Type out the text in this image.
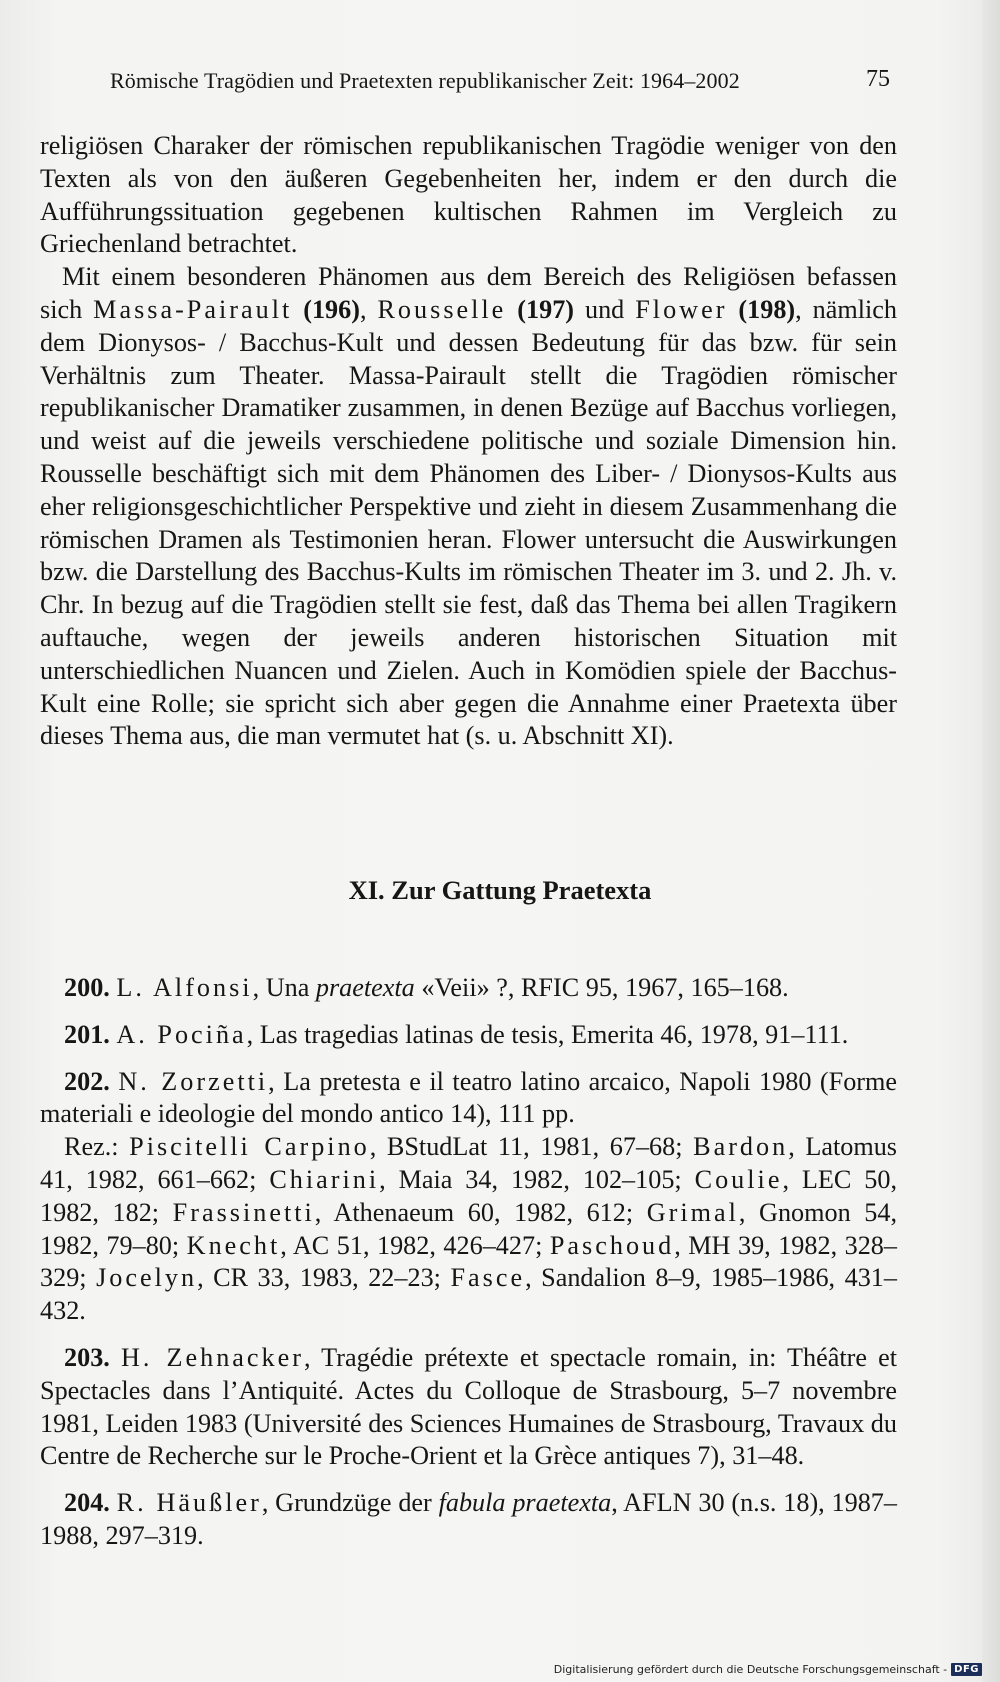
Römische Tragödien und Praetexten republikanischer Zeit: 1964–2002	75

religiösen Charaker der römischen republikanischen Tragödie weniger von den Texten als von den äußeren Gegebenheiten her, indem er den durch die Aufführungssituation gegebenen kultischen Rahmen im Vergleich zu Griechenland betrachtet.

Mit einem besonderen Phänomen aus dem Bereich des Religiösen befassen sich Massa-Pairault (196), Rousselle (197) und Flower (198), nämlich dem Dionysos- / Bacchus-Kult und dessen Bedeutung für das bzw. für sein Verhältnis zum Theater. Massa-Pairault stellt die Tragödien römischer republikanischer Dramatiker zusammen, in denen Bezüge auf Bacchus vorliegen, und weist auf die jeweils verschiedene politische und soziale Dimension hin. Rousselle beschäftigt sich mit dem Phänomen des Liber- / Dionysos-Kults aus eher religionsgeschichtlicher Perspektive und zieht in diesem Zusammenhang die römischen Dramen als Testimonien heran. Flower untersucht die Auswirkungen bzw. die Darstellung des Bacchus-Kults im römischen Theater im 3. und 2. Jh. v. Chr. In bezug auf die Tragödien stellt sie fest, daß das Thema bei allen Tragikern auftauche, wegen der jeweils anderen historischen Situation mit unterschiedlichen Nuancen und Zielen. Auch in Komödien spiele der Bacchus-Kult eine Rolle; sie spricht sich aber gegen die Annahme einer Praetexta über dieses Thema aus, die man vermutet hat (s. u. Abschnitt XI).

XI. Zur Gattung Praetexta

200. L. Alfonsi, Una praetexta «Veii» ?, RFIC 95, 1967, 165–168.

201. A. Pociña, Las tragedias latinas de tesis, Emerita 46, 1978, 91–111.

202. N. Zorzetti, La pretesta e il teatro latino arcaico, Napoli 1980 (Forme materiali e ideologie del mondo antico 14), 111 pp.

Rez.: Piscitelli Carpino, BStudLat 11, 1981, 67–68; Bardon, Latomus 41, 1982, 661–662; Chiarini, Maia 34, 1982, 102–105; Coulie, LEC 50, 1982, 182; Frassinetti, Athenaeum 60, 1982, 612; Grimal, Gnomon 54, 1982, 79–80; Knecht, AC 51, 1982, 426–427; Paschoud, MH 39, 1982, 328–329; Jocelyn, CR 33, 1983, 22–23; Fasce, Sandalion 8–9, 1985–1986, 431–432.

203. H. Zehnacker, Tragédie prétexte et spectacle romain, in: Théâtre et Spectacles dans l’Antiquité. Actes du Colloque de Strasbourg, 5–7 novembre 1981, Leiden 1983 (Université des Sciences Humaines de Strasbourg, Travaux du Centre de Recherche sur le Proche-Orient et la Grèce antiques 7), 31–48.

204. R. Häußler, Grundzüge der fabula praetexta, AFLN 30 (n.s. 18), 1987–1988, 297–319.

Digitalisierung gefördert durch die Deutsche Forschungsgemeinschaft - DFG
